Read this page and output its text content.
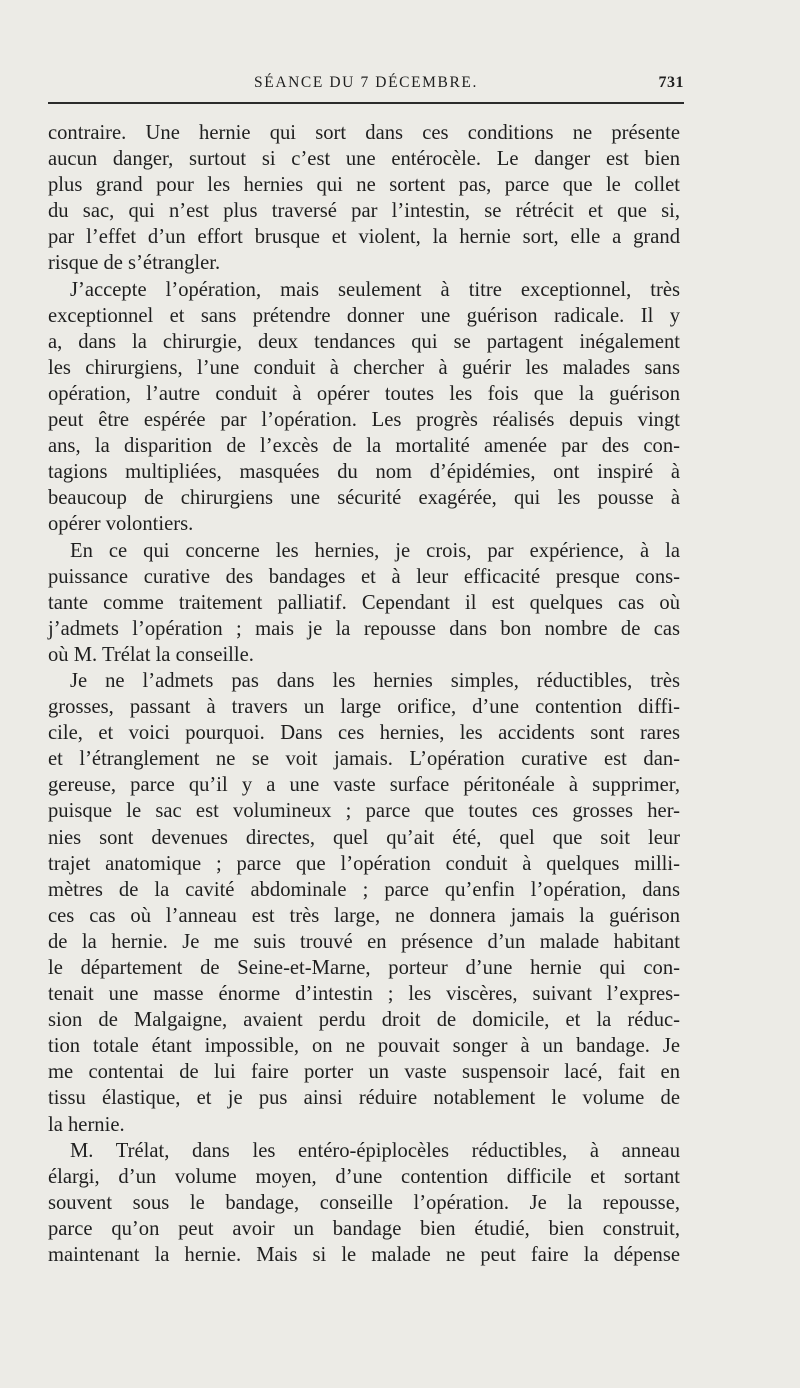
SÉANCE DU 7 DÉCEMBRE.	731
contraire. Une hernie qui sort dans ces conditions ne présente
aucun danger, surtout si c’est une entérocèle. Le danger est bien
plus grand pour les hernies qui ne sortent pas, parce que le collet
du sac, qui n’est plus traversé par l’intestin, se rétrécit et que si,
par l’effet d’un effort brusque et violent, la hernie sort, elle a grand
risque de s’étrangler.
J’accepte l’opération, mais seulement à titre exceptionnel, très
exceptionnel et sans prétendre donner une guérison radicale. Il y
a, dans la chirurgie, deux tendances qui se partagent inégalement
les chirurgiens, l’une conduit à chercher à guérir les malades sans
opération, l’autre conduit à opérer toutes les fois que la guérison
peut être espérée par l’opération. Les progrès réalisés depuis vingt
ans, la disparition de l’excès de la mortalité amenée par des con-
tagions multipliées, masquées du nom d’épidémies, ont inspiré à
beaucoup de chirurgiens une sécurité exagérée, qui les pousse à
opérer volontiers.
En ce qui concerne les hernies, je crois, par expérience, à la
puissance curative des bandages et à leur efficacité presque cons-
tante comme traitement palliatif. Cependant il est quelques cas où
j’admets l’opération ; mais je la repousse dans bon nombre de cas
où M. Trélat la conseille.
Je ne l’admets pas dans les hernies simples, réductibles, très
grosses, passant à travers un large orifice, d’une contention diffi-
cile, et voici pourquoi. Dans ces hernies, les accidents sont rares
et l’étranglement ne se voit jamais. L’opération curative est dan-
gereuse, parce qu’il y a une vaste surface péritonéale à supprimer,
puisque le sac est volumineux ; parce que toutes ces grosses her-
nies sont devenues directes, quel qu’ait été, quel que soit leur
trajet anatomique ; parce que l’opération conduit à quelques milli-
mètres de la cavité abdominale ; parce qu’enfin l’opération, dans
ces cas où l’anneau est très large, ne donnera jamais la guérison
de la hernie. Je me suis trouvé en présence d’un malade habitant
le département de Seine-et-Marne, porteur d’une hernie qui con-
tenait une masse énorme d’intestin ; les viscères, suivant l’expres-
sion de Malgaigne, avaient perdu droit de domicile, et la réduc-
tion totale étant impossible, on ne pouvait songer à un bandage. Je
me contentai de lui faire porter un vaste suspensoir lacé, fait en
tissu élastique, et je pus ainsi réduire notablement le volume de
la hernie.
M. Trélat, dans les entéro-épiplocèles réductibles, à anneau
élargi, d’un volume moyen, d’une contention difficile et sortant
souvent sous le bandage, conseille l’opération. Je la repousse,
parce qu’on peut avoir un bandage bien étudié, bien construit,
maintenant la hernie. Mais si le malade ne peut faire la dépense
